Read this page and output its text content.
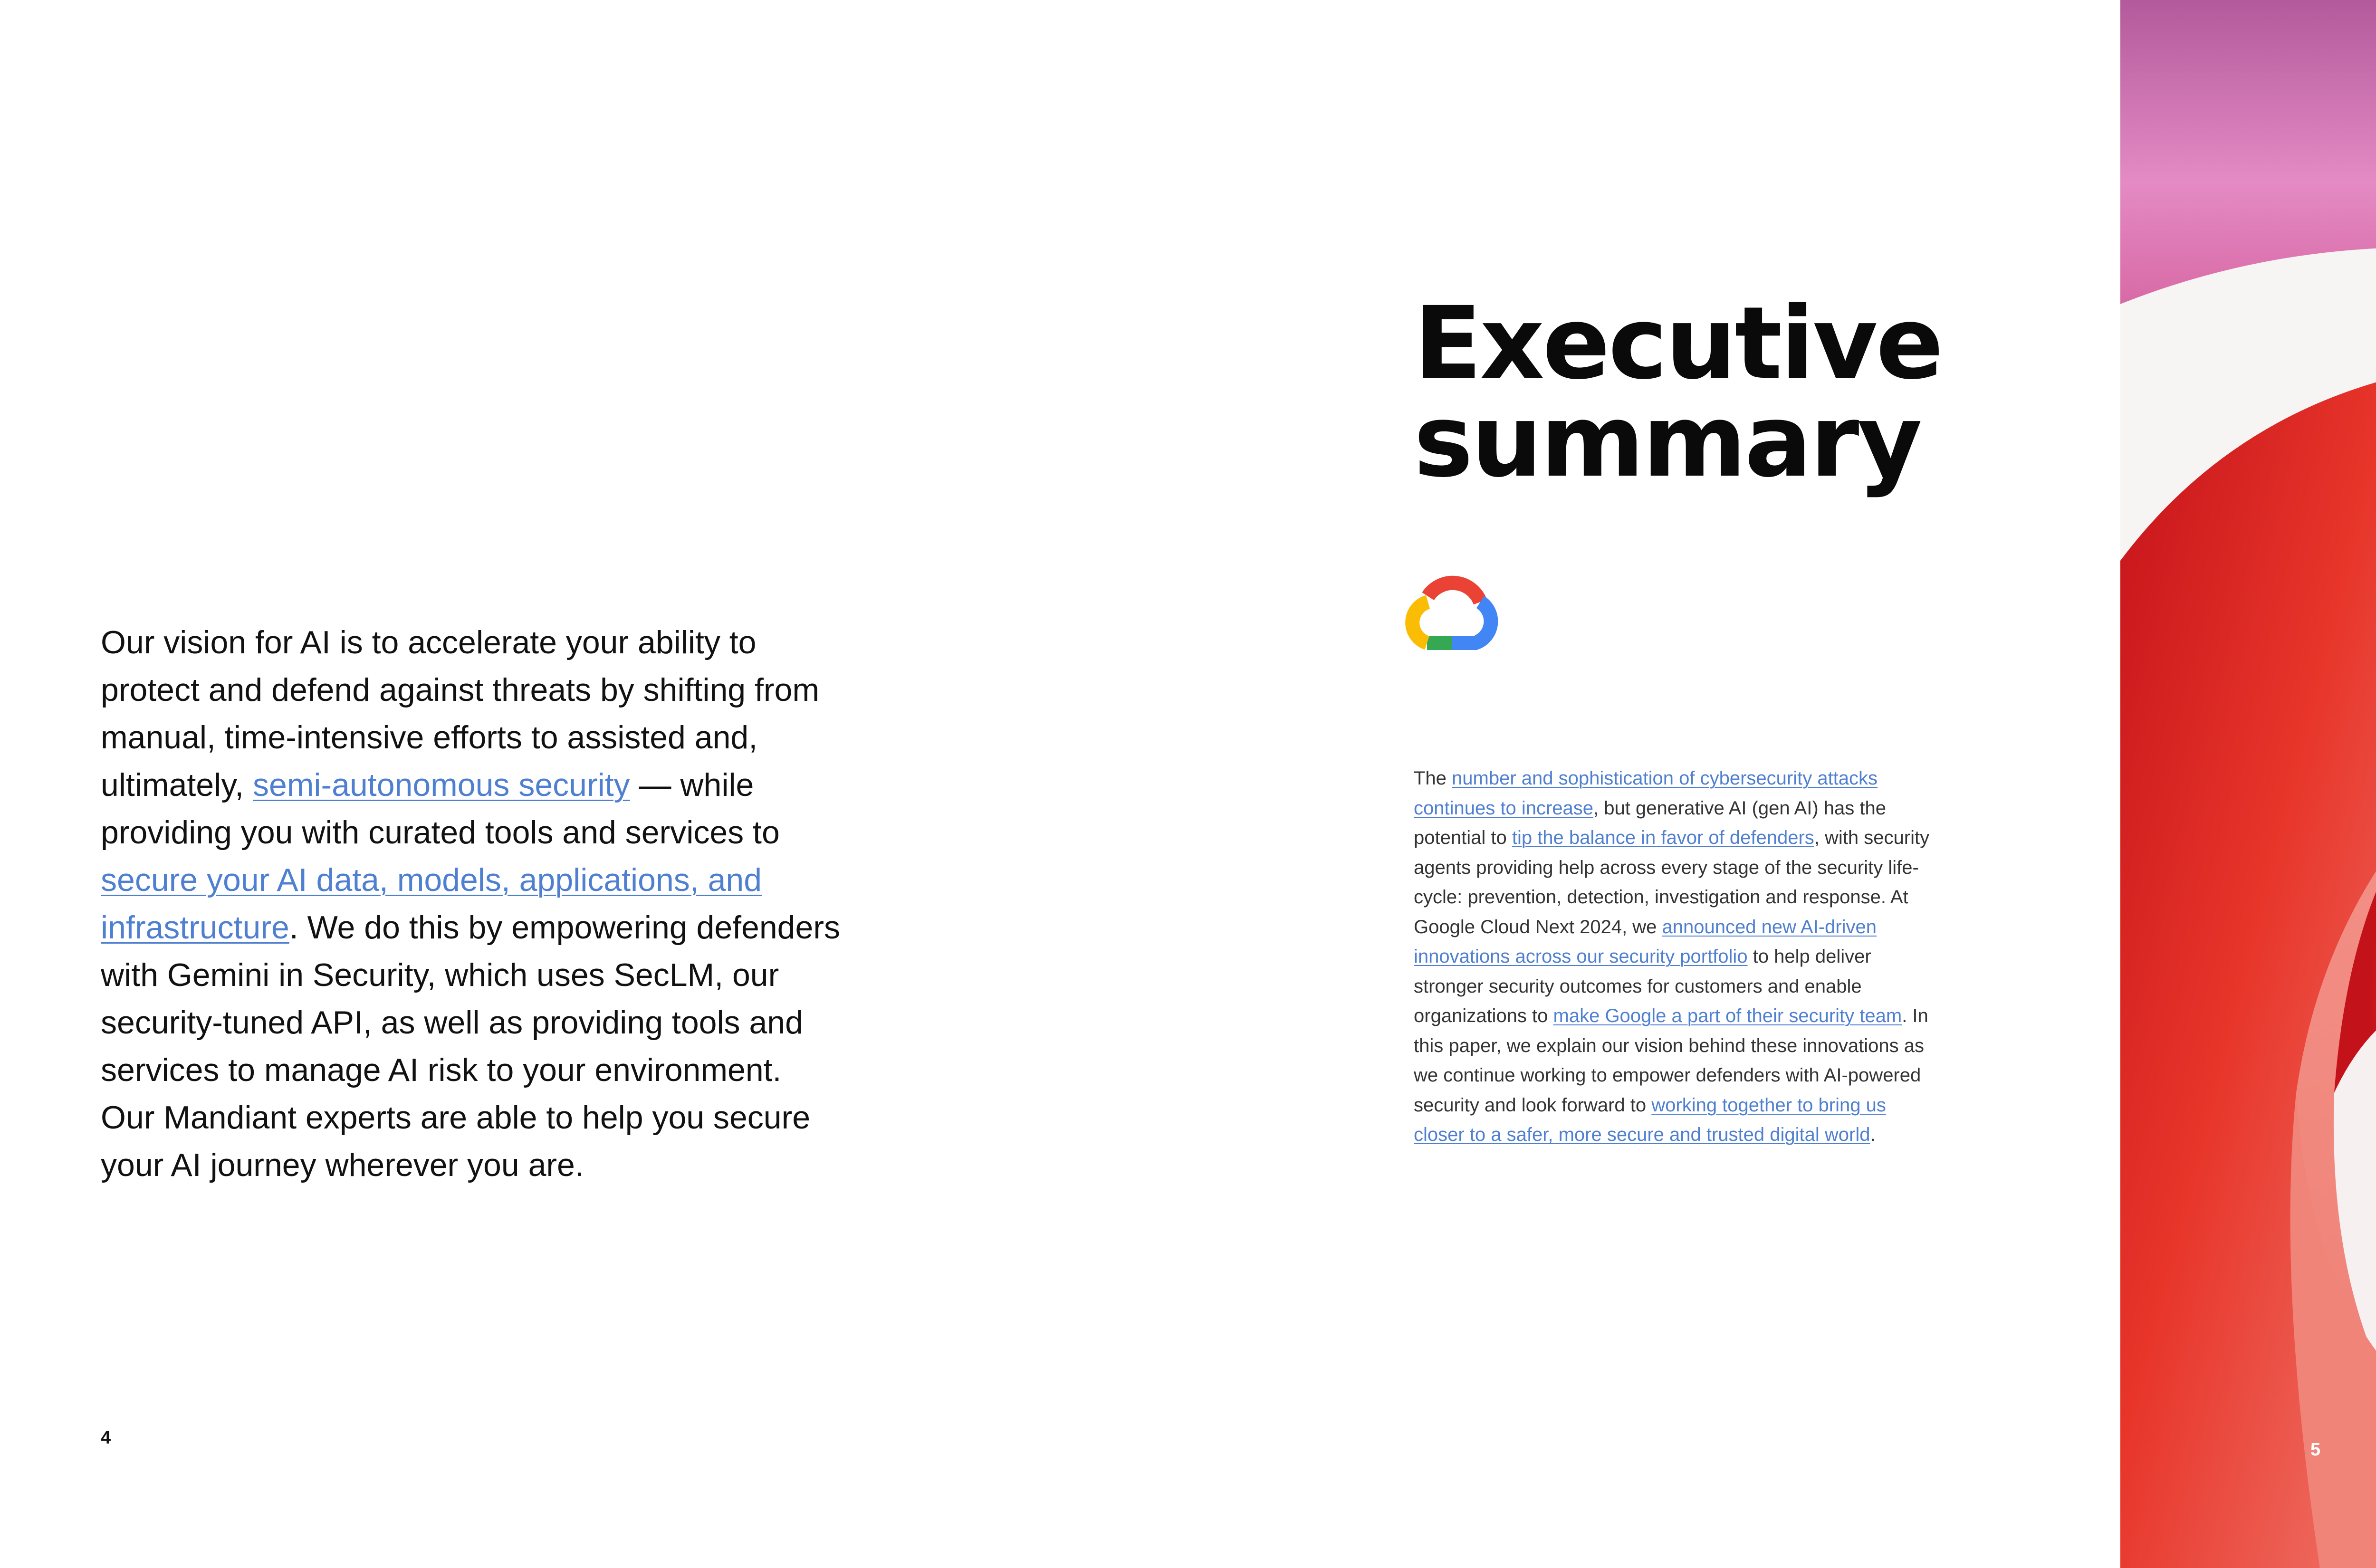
Our vision for AI is to accelerate your ability to protect and defend against threats by shifting from manual, time-intensive efforts to assisted and, ultimately, semi-autonomous security — while providing you with curated tools and services to secure your AI data, models, applications, and infrastructure. We do this by empowering defenders with Gemini in Security, which uses SecLM, our security-tuned API, as well as providing tools and services to manage AI risk to your environment. Our Mandiant experts are able to help you secure your AI journey wherever you are.

4
Executive
summary

The number and sophistication of cybersecurity attacks continues to increase, but generative AI (gen AI) has the potential to tip the balance in favor of defenders, with security agents providing help across every stage of the security life-cycle: prevention, detection, investigation and response. At Google Cloud Next 2024, we announced new AI-driven innovations across our security portfolio to help deliver stronger security outcomes for customers and enable organizations to make Google a part of their security team. In this paper, we explain our vision behind these innovations as we continue working to empower defenders with AI-powered security and look forward to working together to bring us closer to a safer, more secure and trusted digital world.

5
